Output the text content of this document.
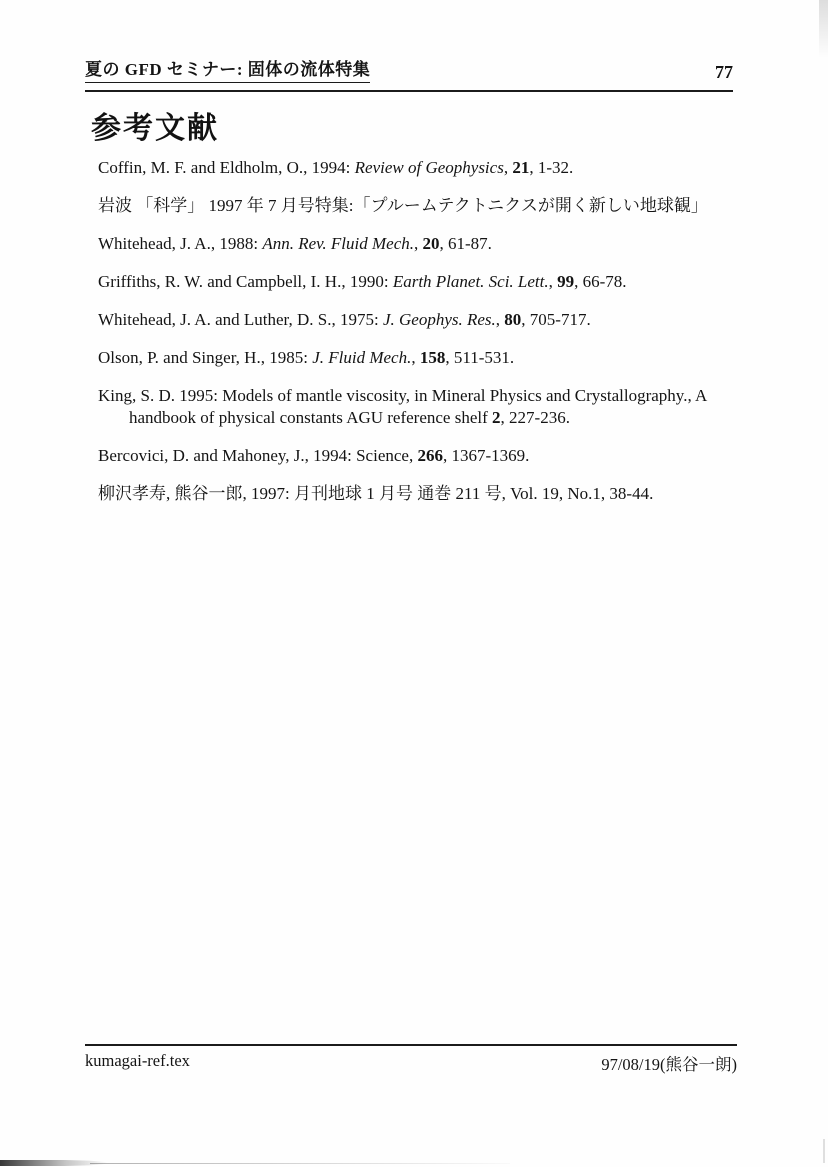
夏の GFD セミナー: 固体の流体特集	77
参考文献
Coffin, M. F. and Eldholm, O., 1994: Review of Geophysics, 21, 1-32.
岩波 「科学」 1997 年 7 月号特集:「プルームテクトニクスが開く新しい地球観」
Whitehead, J. A., 1988: Ann. Rev. Fluid Mech., 20, 61-87.
Griffiths, R. W. and Campbell, I. H., 1990: Earth Planet. Sci. Lett., 99, 66-78.
Whitehead, J. A. and Luther, D. S., 1975: J. Geophys. Res., 80, 705-717.
Olson, P. and Singer, H., 1985: J. Fluid Mech., 158, 511-531.
King, S. D. 1995: Models of mantle viscosity, in Mineral Physics and Crystallography., A
handbook of physical constants AGU reference shelf 2, 227-236.
Bercovici, D. and Mahoney, J., 1994: Science, 266, 1367-1369.
柳沢孝寿, 熊谷一郎, 1997: 月刊地球 1 月号 通巻 211 号, Vol. 19, No.1, 38-44.
kumagai-ref.tex	97/08/19(熊谷一朗)
